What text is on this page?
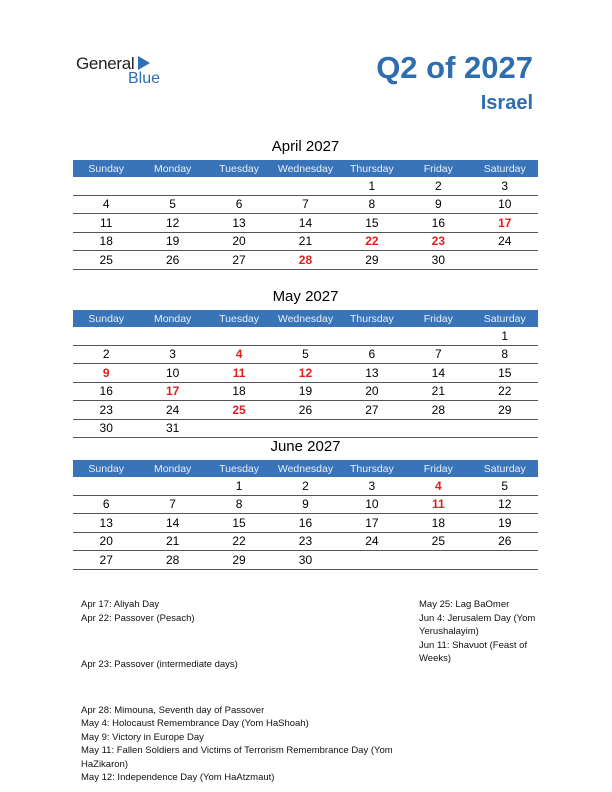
General
Blue	Q2 of 2027
Israel
April 2027
Sunday	Monday	Tuesday	Wednesday	Thursday	Friday	Saturday
				1	2	3
4	5	6	7	8	9	10
11	12	13	14	15	16	17
18	19	20	21	22	23	24
25	26	27	28	29	30	
May 2027
Sunday	Monday	Tuesday	Wednesday	Thursday	Friday	Saturday
						1
2	3	4	5	6	7	8
9	10	11	12	13	14	15
16	17	18	19	20	21	22
23	24	25	26	27	28	29
30	31					
June 2027
Sunday	Monday	Tuesday	Wednesday	Thursday	Friday	Saturday
		1	2	3	4	5
6	7	8	9	10	11	12
13	14	15	16	17	18	19
20	21	22	23	24	25	26
27	28	29	30			

Apr 17: Aliyah Day

Apr 22: Passover (Pesach)

Apr 23: Passover (intermediate days)

Apr 28: Mimouna, Seventh day of Passover

May 4: Holocaust Remembrance Day (Yom HaShoah)

May 9: Victory in Europe Day

May 11: Fallen Soldiers and Victims of Terrorism Remembrance Day (Yom HaZikaron)

May 12: Independence Day (Yom HaAtzmaut)

May 25: Lag BaOmer

Jun 4: Jerusalem Day (Yom Yerushalayim)

Jun 11: Shavuot (Feast of Weeks)
